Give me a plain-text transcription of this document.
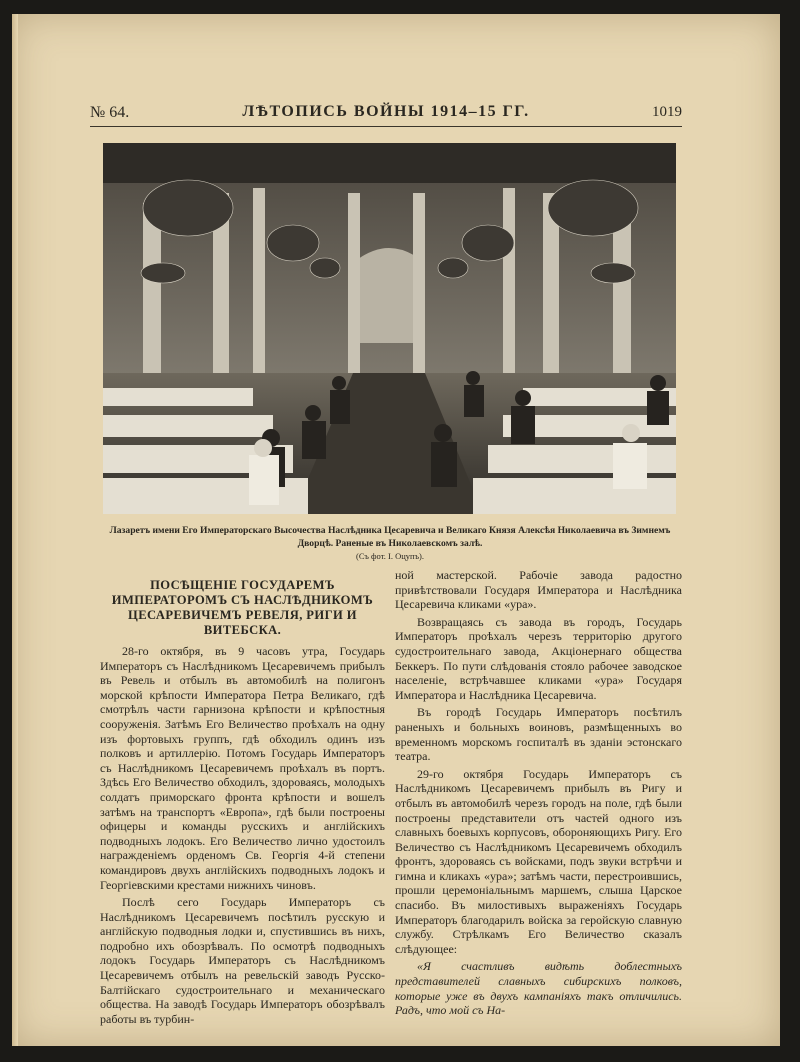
№ 64.	ЛѢТОПИСЬ ВОЙНЫ 1914–15 ГГ.	1019
Лазаретъ имени Его Императорскаго Высочества Наслѣдника Цесаревича и Великаго Князя Алексѣя Николаевича въ Зимнемъ Дворцѣ. Раненые въ Николаевскомъ залѣ.
(Съ фот. І. Оцупъ).
ПОСѢЩЕНІЕ ГОСУДАРЕМЪ ИМПЕРАТОРОМЪ СЪ НАСЛѢДНИКОМЪ ЦЕСАРЕВИЧЕМЪ РЕВЕЛЯ, РИГИ И ВИТЕБСКА.

28-го октября, въ 9 часовъ утра, Государь Императоръ съ Наслѣдникомъ Цесаревичемъ прибылъ въ Ревель и отбылъ въ автомобилѣ на полигонъ морской крѣпости Императора Петра Великаго, гдѣ смотрѣлъ части гарнизона крѣпости и крѣпостныя сооруженія. Затѣмъ Его Величество проѣхалъ на одну изъ фортовыхъ группъ, гдѣ обходилъ одинъ изъ полковъ и артиллерію. Потомъ Государь Императоръ съ Наслѣдникомъ Цесаревичемъ проѣхалъ въ портъ. Здѣсь Его Величество обходилъ, здороваясь, молодыхъ солдатъ приморскаго фронта крѣпости и вошелъ затѣмъ на транспортъ «Европа», гдѣ были построены офицеры и команды русскихъ и англійскихъ подводныхъ лодокъ. Его Величество лично удостоилъ награжденіемъ орденомъ Св. Георгія 4-й степени командировъ двухъ англійскихъ подводныхъ лодокъ и Георгіевскими крестами нижнихъ чиновъ.

Послѣ сего Государь Императоръ съ Наслѣдникомъ Цесаревичемъ посѣтилъ русскую и англійскую подводныя лодки и, спустившись въ нихъ, подробно ихъ обозрѣвалъ. По осмотрѣ подводныхъ лодокъ Государь Императоръ съ Наслѣдникомъ Цесаревичемъ отбылъ на ревельскій заводъ Русско-Балтійскаго судостроительнаго и механическаго общества. На заводѣ Государь Императоръ обозрѣвалъ работы въ турбин-

ной мастерской. Рабочіе завода радостно привѣтствовали Государя Императора и Наслѣдника Цесаревича кликами «ура».

Возвращаясь съ завода въ городъ, Государь Императоръ проѣхалъ черезъ территорію другого судостроительнаго завода, Акціонернаго общества Беккеръ. По пути слѣдованія стояло рабочее заводское населеніе, встрѣчавшее кликами «ура» Государя Императора и Наслѣдника Цесаревича.

Въ городѣ Государь Императоръ посѣтилъ раненыхъ и больныхъ воиновъ, размѣщенныхъ во временномъ морскомъ госпиталѣ въ зданіи эстонскаго театра.

29-го октября Государь Императоръ съ Наслѣдникомъ Цесаревичемъ прибылъ въ Ригу и отбылъ въ автомобилѣ черезъ городъ на поле, гдѣ были построены представители отъ частей одного изъ славныхъ боевыхъ корпусовъ, обороняющихъ Ригу. Его Величество съ Наслѣдникомъ Цесаревичемъ обходилъ фронтъ, здороваясь съ войсками, подъ звуки встрѣчи и гимна и кликахъ «ура»; затѣмъ части, перестроившись, прошли церемоніальнымъ маршемъ, слыша Царское спасибо. Въ милостивыхъ выраженіяхъ Государь Императоръ благодарилъ войска за геройскую славную службу. Стрѣлкамъ Его Величество сказалъ слѣдующее:

«Я счастливъ видѣть доблестныхъ представителей славныхъ сибирскихъ полковъ, которые уже въ двухъ кампаніяхъ такъ отличились. Радъ, что мой съ На-
